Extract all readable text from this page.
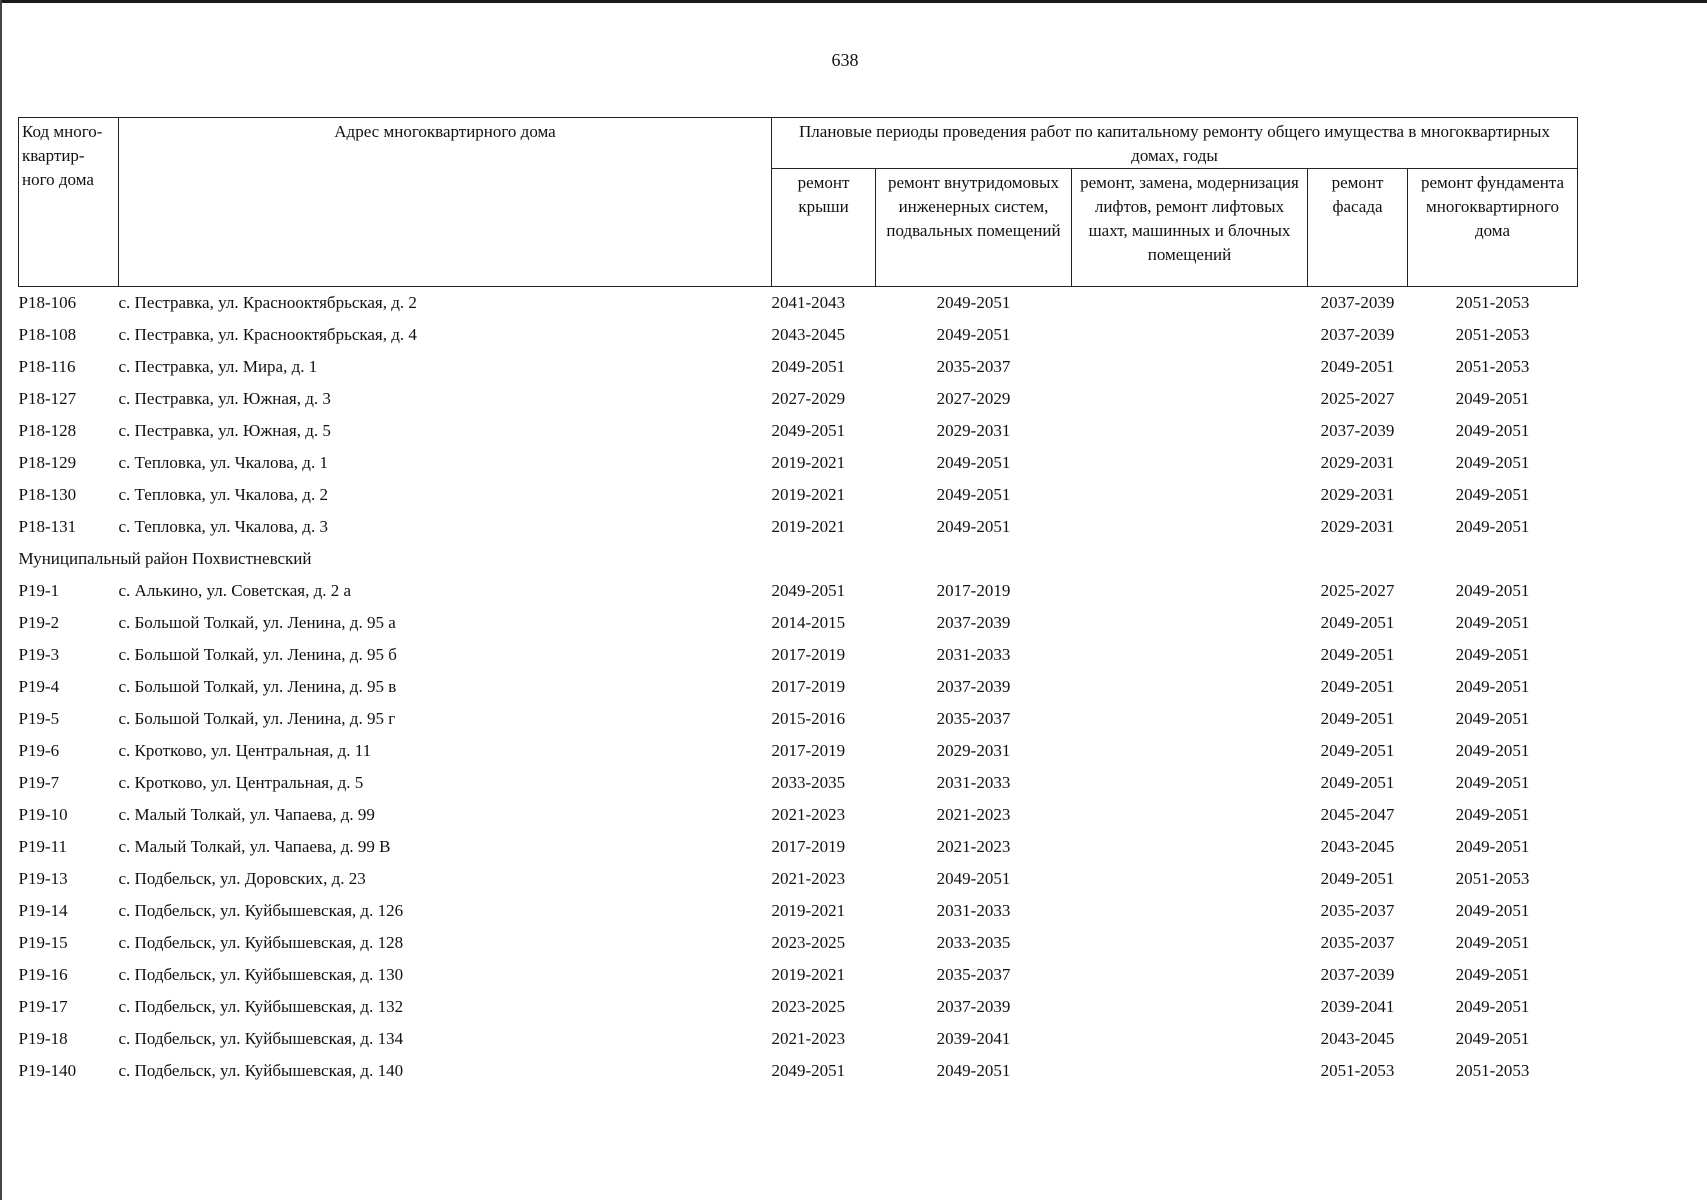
638
Код много-квартир-ного дома	Адрес многоквартирного дома	Плановые периоды проведения работ по капитальному ремонту общего имущества в многоквартирных домах, годы				
		ремонт крыши	ремонт внутридомовых инженерных систем, подвальных помещений	ремонт, замена, модернизация лифтов, ремонт лифтовых шахт, машинных и блочных помещений	ремонт фасада	ремонт фундамента многоквартирного дома
Р18-106	с. Пестравка, ул. Краснооктябрьская, д. 2	2041-2043	2049-2051		2037-2039	2051-2053
Р18-108	с. Пестравка, ул. Краснооктябрьская, д. 4	2043-2045	2049-2051		2037-2039	2051-2053
Р18-116	с. Пестравка, ул. Мира, д. 1	2049-2051	2035-2037		2049-2051	2051-2053
Р18-127	с. Пестравка, ул. Южная, д. 3	2027-2029	2027-2029		2025-2027	2049-2051
Р18-128	с. Пестравка, ул. Южная, д. 5	2049-2051	2029-2031		2037-2039	2049-2051
Р18-129	с. Тепловка, ул. Чкалова, д. 1	2019-2021	2049-2051		2029-2031	2049-2051
Р18-130	с. Тепловка, ул. Чкалова, д. 2	2019-2021	2049-2051		2029-2031	2049-2051
Р18-131	с. Тепловка, ул. Чкалова, д. 3	2019-2021	2049-2051		2029-2031	2049-2051
Муниципальный район Похвистневский						
Р19-1	с. Алькино, ул. Советская, д. 2 а	2049-2051	2017-2019		2025-2027	2049-2051
Р19-2	с. Большой Толкай, ул. Ленина, д. 95 а	2014-2015	2037-2039		2049-2051	2049-2051
Р19-3	с. Большой Толкай, ул. Ленина, д. 95 б	2017-2019	2031-2033		2049-2051	2049-2051
Р19-4	с. Большой Толкай, ул. Ленина, д. 95 в	2017-2019	2037-2039		2049-2051	2049-2051
Р19-5	с. Большой Толкай, ул. Ленина, д. 95 г	2015-2016	2035-2037		2049-2051	2049-2051
Р19-6	с. Кротково, ул. Центральная, д. 11	2017-2019	2029-2031		2049-2051	2049-2051
Р19-7	с. Кротково, ул. Центральная, д. 5	2033-2035	2031-2033		2049-2051	2049-2051
Р19-10	с. Малый Толкай, ул. Чапаева, д. 99	2021-2023	2021-2023		2045-2047	2049-2051
Р19-11	с. Малый Толкай, ул. Чапаева, д. 99 В	2017-2019	2021-2023		2043-2045	2049-2051
Р19-13	с. Подбельск, ул. Доровских, д. 23	2021-2023	2049-2051		2049-2051	2051-2053
Р19-14	с. Подбельск, ул. Куйбышевская, д. 126	2019-2021	2031-2033		2035-2037	2049-2051
Р19-15	с. Подбельск, ул. Куйбышевская, д. 128	2023-2025	2033-2035		2035-2037	2049-2051
Р19-16	с. Подбельск, ул. Куйбышевская, д. 130	2019-2021	2035-2037		2037-2039	2049-2051
Р19-17	с. Подбельск, ул. Куйбышевская, д. 132	2023-2025	2037-2039		2039-2041	2049-2051
Р19-18	с. Подбельск, ул. Куйбышевская, д. 134	2021-2023	2039-2041		2043-2045	2049-2051
Р19-140	с. Подбельск, ул. Куйбышевская, д. 140	2049-2051	2049-2051		2051-2053	2051-2053
